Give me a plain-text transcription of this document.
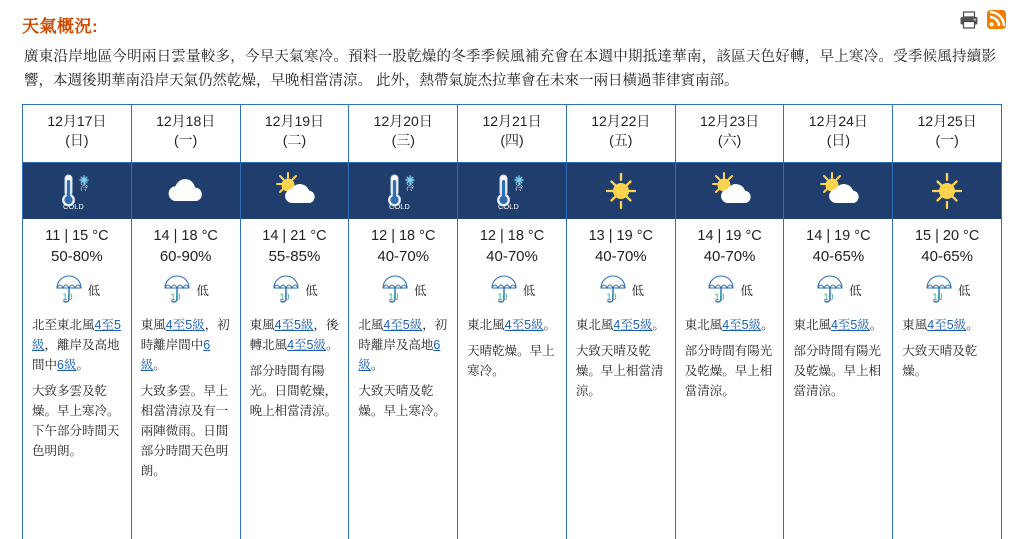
天氣概況:
廣東沿岸地區今明兩日雲量較多，今早天氣寒冷。預料一股乾燥的冬季季候風補充會在本週中期抵達華南，該區天色好轉，早上寒冷。受季候風持續影響，本週後期華南沿岸天氣仍然乾燥，早晚相當清涼。 此外，熱帶氣旋杰拉華會在未來一兩日橫過菲律賓南部。
12月17日
(日)
冷
COLD
11 | 15 °C
50-80%
10 低
北至東北風4至5級，離岸及高地間中6級。
大致多雲及乾燥。早上寒冷。下午部分時間天色明朗。
12月18日
(一)
14 | 18 °C
60-90%
10 低
東風4至5級，初時離岸間中6級。
大致多雲。早上相當清涼及有一兩陣微雨。日間部分時間天色明朗。
12月19日
(二)
14 | 21 °C
55-85%
10 低
東風4至5級，後轉北風4至5級。
部分時間有陽光。日間乾燥，晚上相當清涼。
12月20日
(三)
冷
COLD
12 | 18 °C
40-70%
10 低
北風4至5級，初時離岸及高地6級。
大致天晴及乾燥。早上寒冷。
12月21日
(四)
冷
COLD
12 | 18 °C
40-70%
10 低
東北風4至5級。
天晴乾燥。早上寒冷。
12月22日
(五)
13 | 19 °C
40-70%
10 低
東北風4至5級。
大致天晴及乾燥。早上相當清涼。
12月23日
(六)
14 | 19 °C
40-70%
10 低
東北風4至5級。
部分時間有陽光及乾燥。早上相當清涼。
12月24日
(日)
14 | 19 °C
40-65%
10 低
東北風4至5級。
部分時間有陽光及乾燥。早上相當清涼。
12月25日
(一)
15 | 20 °C
40-65%
10 低
東風4至5級。
大致天晴及乾燥。
